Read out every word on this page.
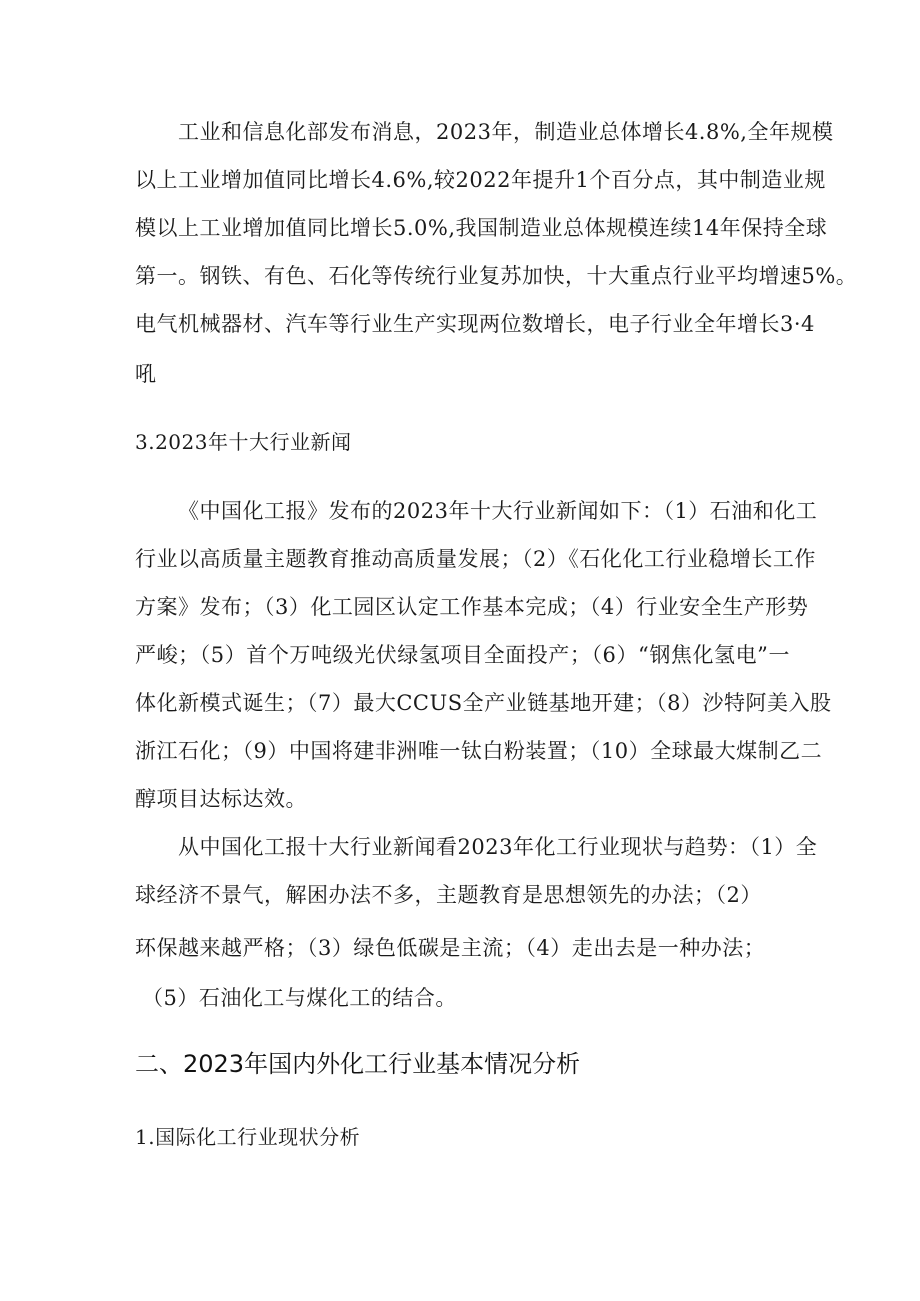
工业和信息化部发布消息，2023年，制造业总体增长4.8%,全年规模
以上工业增加值同比增长4.6%,较2022年提升1个百分点，其中制造业规
模以上工业增加值同比增长5.0%,我国制造业总体规模连续14年保持全球
第一。钢铁、有色、石化等传统行业复苏加快，十大重点行业平均增速5%。
电气机械器材、汽车等行业生产实现两位数增长，电子行业全年增长3·4
吼
3.2023年十大行业新闻
《中国化工报》发布的2023年十大行业新闻如下：（1）石油和化工
行业以高质量主题教育推动高质量发展；（2）《石化化工行业稳增长工作
方案》发布；（3）化工园区认定工作基本完成；（4）行业安全生产形势
严峻；（5）首个万吨级光伏绿氢项目全面投产；（6）“钢焦化氢电”一
体化新模式诞生；（7）最大CCUS全产业链基地开建；（8）沙特阿美入股
浙江石化；（9）中国将建非洲唯一钛白粉装置；（10）全球最大煤制乙二
醇项目达标达效。
从中国化工报十大行业新闻看2023年化工行业现状与趋势：（1）全
球经济不景气，解困办法不多，主题教育是思想领先的办法；（2）
环保越来越严格；（3）绿色低碳是主流；（4）走出去是一种办法；
（5）石油化工与煤化工的结合。
二、2023年国内外化工行业基本情况分析
1.国际化工行业现状分析
